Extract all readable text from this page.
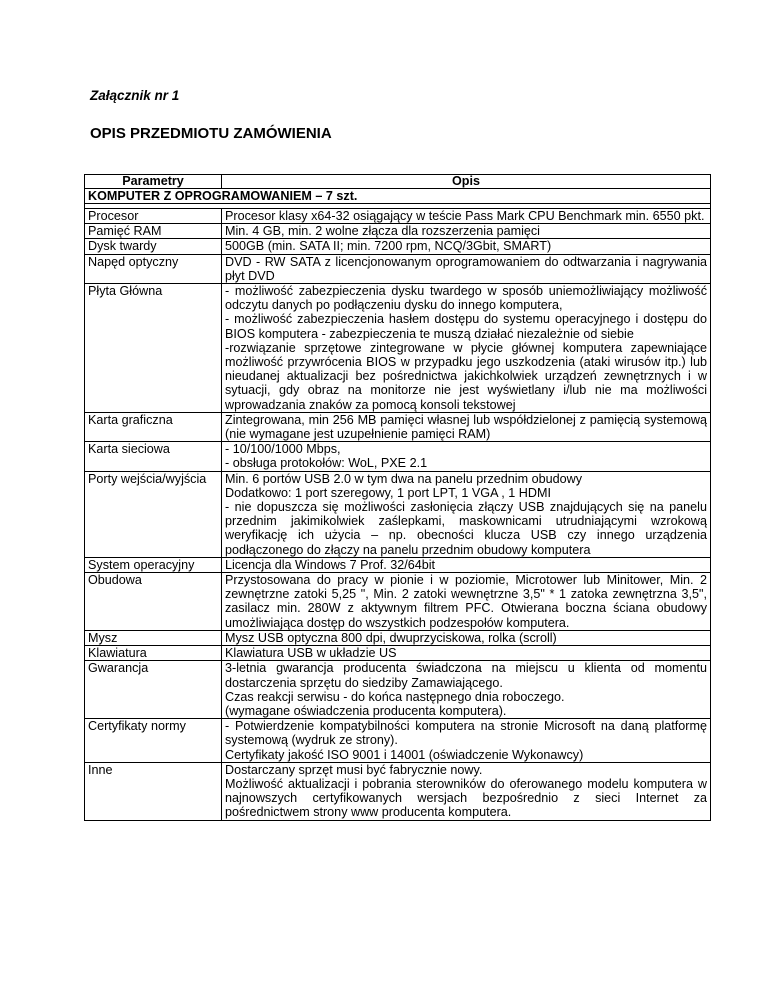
Załącznik nr 1
OPIS PRZEDMIOTU ZAMÓWIENIA
Parametry	Opis
KOMPUTER Z OPROGRAMOWANIEM – 7 szt.	

Procesor	Procesor klasy x64-32 osiągający w teście Pass Mark CPU Benchmark min. 6550 pkt.

Pamięć RAM	Min. 4 GB, min. 2 wolne złącza dla rozszerzenia pamięci

Dysk twardy	500GB (min. SATA II; min. 7200 rpm, NCQ/3Gbit, SMART)

Napęd optyczny	DVD - RW SATA z licencjonowanym oprogramowaniem do odtwarzania i nagrywania płyt DVD

Płyta Główna	- możliwość zabezpieczenia dysku twardego w sposób uniemożliwiający możliwość odczytu danych po podłączeniu dysku do innego komputera,
- możliwość zabezpieczenia hasłem dostępu do systemu operacyjnego i dostępu do BIOS komputera - zabezpieczenia te muszą działać niezależnie od siebie
-rozwiązanie sprzętowe zintegrowane w płycie głównej komputera zapewniające możliwość przywrócenia BIOS w przypadku jego uszkodzenia (ataki wirusów itp.) lub nieudanej aktualizacji bez pośrednictwa jakichkolwiek urządzeń zewnętrznych i w sytuacji, gdy obraz na monitorze nie jest wyświetlany i/lub nie ma możliwości wprowadzania znaków za pomocą konsoli tekstowej

Karta graficzna	Zintegrowana, min 256 MB pamięci własnej lub współdzielonej z pamięcią systemową (nie wymagane jest uzupełnienie pamięci RAM)

Karta sieciowa	- 10/100/1000 Mbps,
- obsługa protokołów: WoL, PXE 2.1

Porty wejścia/wyjścia	Min. 6 portów USB 2.0 w tym dwa na panelu przednim obudowy
Dodatkowo: 1 port szeregowy, 1 port LPT, 1 VGA , 1 HDMI
- nie dopuszcza się możliwości zasłonięcia złączy USB znajdujących się na panelu przednim jakimikolwiek zaślepkami, maskownicami utrudniającymi wzrokową weryfikację ich użycia – np. obecności klucza USB czy innego urządzenia podłączonego do złączy na panelu przednim obudowy komputera

System operacyjny	Licencja dla Windows 7 Prof. 32/64bit

Obudowa	Przystosowana do pracy w pionie i w poziomie, Microtower lub Minitower, Min. 2 zewnętrzne zatoki 5,25 ", Min. 2 zatoki wewnętrzne 3,5" * 1 zatoka zewnętrzna 3,5", zasilacz min. 280W z aktywnym filtrem PFC. Otwierana boczna ściana obudowy umożliwiająca dostęp do wszystkich podzespołów komputera.

Mysz	Mysz USB optyczna 800 dpi, dwuprzyciskowa, rolka (scroll)

Klawiatura	Klawiatura USB w układzie US

Gwarancja	3-letnia gwarancja producenta świadczona na miejscu u klienta od momentu dostarczenia sprzętu do siedziby Zamawiającego.
Czas reakcji serwisu - do końca następnego dnia roboczego.
(wymagane oświadczenia producenta komputera).

Certyfikaty normy	- Potwierdzenie kompatybilności komputera na stronie Microsoft na daną platformę systemową (wydruk ze strony).
Certyfikaty jakość ISO 9001 i 14001 (oświadczenie Wykonawcy)

Inne	Dostarczany sprzęt musi być fabrycznie nowy.
Możliwość aktualizacji i pobrania sterowników do oferowanego modelu komputera w najnowszych certyfikowanych wersjach bezpośrednio z sieci Internet za pośrednictwem strony www producenta komputera.
